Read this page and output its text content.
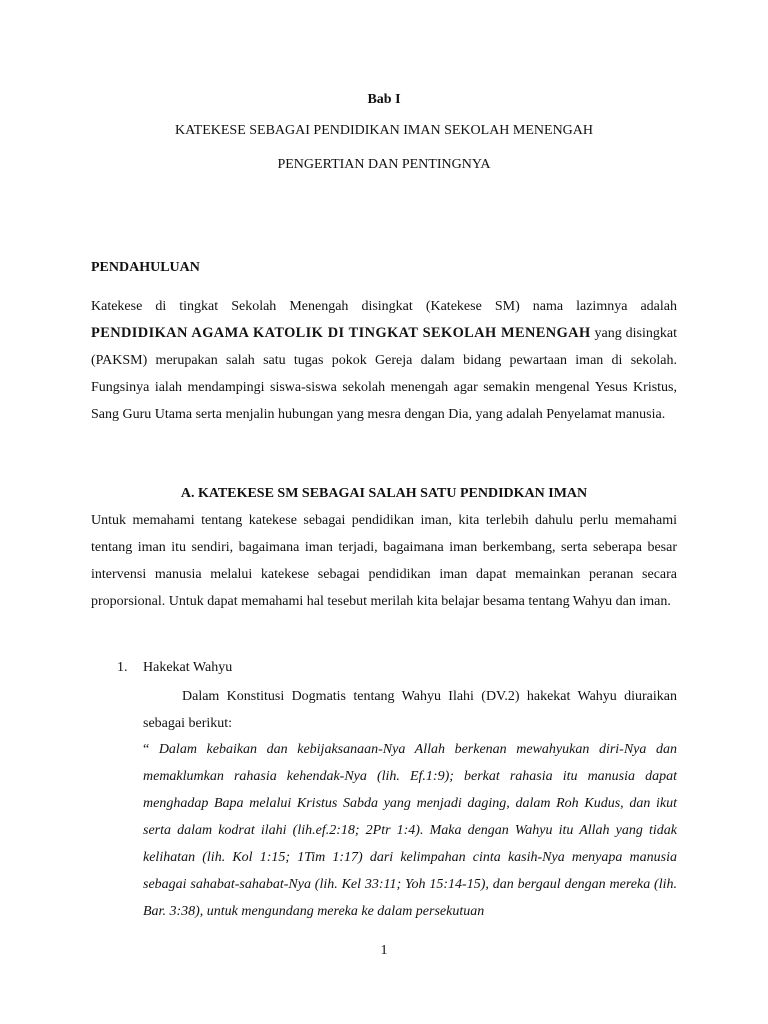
Bab I
KATEKESE SEBAGAI PENDIDIKAN IMAN SEKOLAH MENENGAH
PENGERTIAN DAN PENTINGNYA
PENDAHULUAN
Katekese di tingkat Sekolah Menengah disingkat (Katekese SM) nama lazimnya adalah PENDIDIKAN AGAMA KATOLIK DI TINGKAT SEKOLAH MENENGAH yang disingkat (PAKSM) merupakan salah satu tugas pokok Gereja dalam bidang pewartaan iman di sekolah. Fungsinya ialah mendampingi siswa-siswa sekolah menengah agar semakin mengenal Yesus Kristus, Sang Guru Utama serta menjalin hubungan yang mesra dengan Dia, yang adalah Penyelamat manusia.
A. KATEKESE SM SEBAGAI SALAH SATU PENDIDKAN IMAN
Untuk memahami tentang katekese sebagai pendidikan iman, kita terlebih dahulu perlu memahami tentang iman itu sendiri, bagaimana iman terjadi, bagaimana iman berkembang, serta seberapa besar intervensi manusia melalui katekese sebagai pendidikan iman dapat memainkan peranan secara proporsional. Untuk dapat memahami hal tesebut merilah kita belajar besama tentang Wahyu dan iman.
1. Hakekat Wahyu
Dalam Konstitusi Dogmatis tentang Wahyu Ilahi (DV.2) hakekat Wahyu diuraikan sebagai berikut:
“ Dalam kebaikan dan kebijaksanaan-Nya Allah berkenan mewahyukan diri-Nya dan memaklumkan rahasia kehendak-Nya (lih. Ef.1:9); berkat rahasia itu manusia dapat menghadap Bapa melalui Kristus Sabda yang menjadi daging, dalam Roh Kudus, dan ikut serta dalam kodrat ilahi (lih.ef.2:18; 2Ptr 1:4). Maka dengan Wahyu itu Allah yang tidak kelihatan (lih. Kol 1:15; 1Tim 1:17) dari kelimpahan cinta kasih-Nya menyapa manusia sebagai sahabat-sahabat-Nya (lih. Kel 33:11; Yoh 15:14-15), dan bergaul dengan mereka (lih. Bar. 3:38), untuk mengundang mereka ke dalam persekutuan
1
